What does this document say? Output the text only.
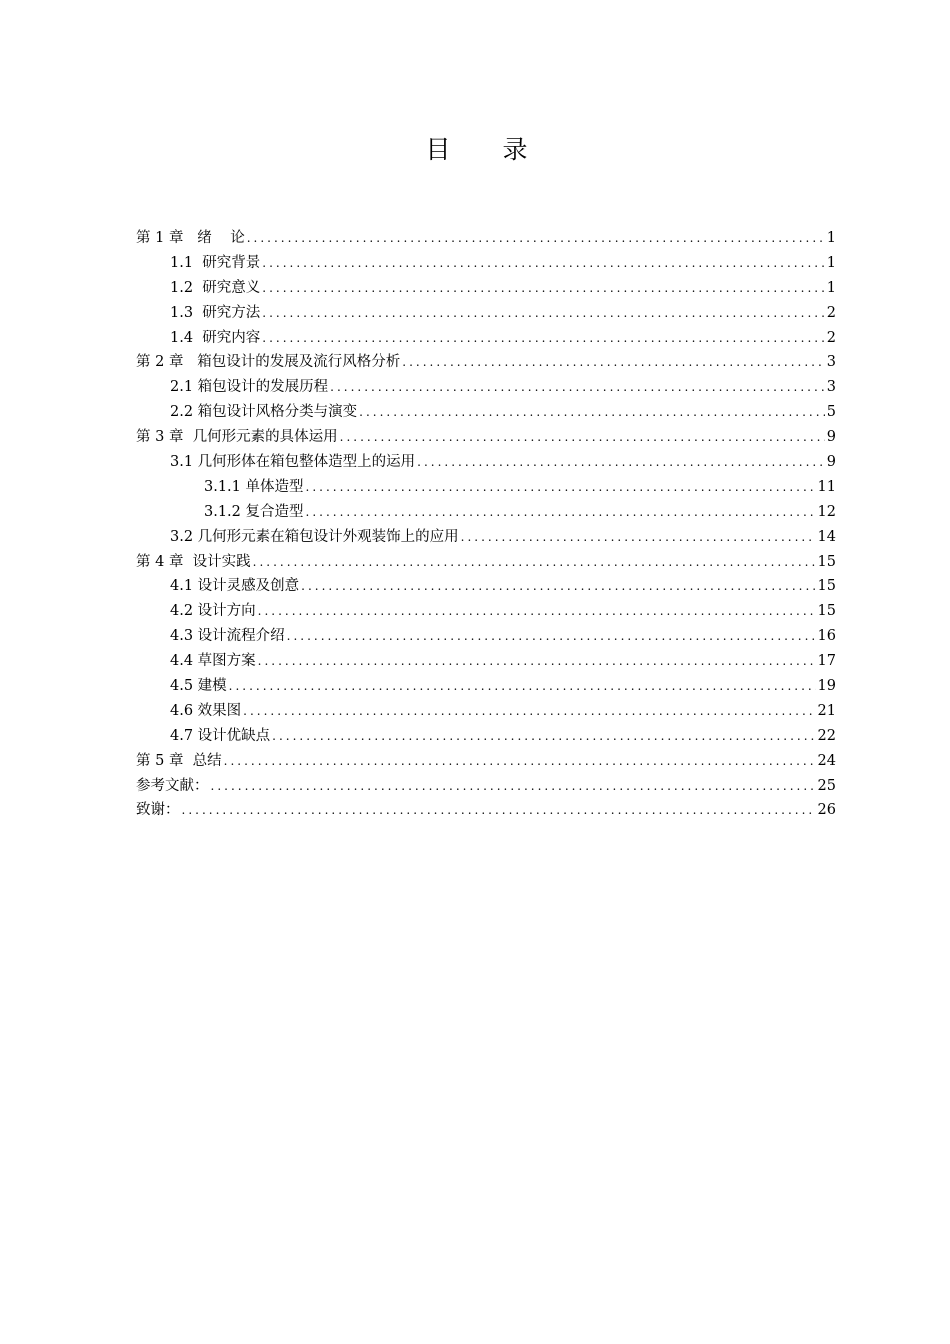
目 录
第 1 章   绪    论 .....	1
1.1  研究背景 .....	1
1.2  研究意义 .....	1
1.3  研究方法 .....	2
1.4  研究内容 .....	2
第 2 章   箱包设计的发展及流行风格分析 .....	3
2.1 箱包设计的发展历程 .....	3
2.2 箱包设计风格分类与演变 .....	5
第 3 章  几何形元素的具体运用 .....	9
3.1 几何形体在箱包整体造型上的运用 .....	9
3.1.1 单体造型 .....	11
3.1.2 复合造型 .....	12
3.2 几何形元素在箱包设计外观装饰上的应用 .....	14
第 4 章  设计实践 .....	15
4.1 设计灵感及创意 .....	15
4.2 设计方向 .....	15
4.3 设计流程介绍 .....	16
4.4 草图方案 .....	17
4.5 建模 .....	19
4.6 效果图 .....	21
4.7 设计优缺点 .....	22
第 5 章  总结 .....	24
参考文献： .....	25
致谢： .....	26
